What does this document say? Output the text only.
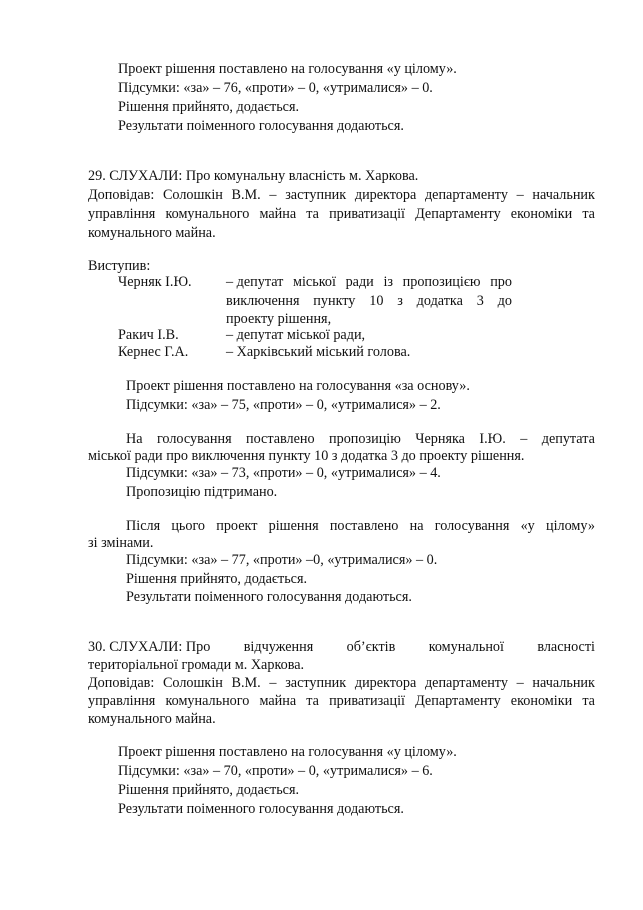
Проект рішення поставлено на голосування «у цілому».
Підсумки: «за» – 76, «проти» – 0, «утрималися» – 0.
Рішення прийнято, додається.
Результати поіменного голосування додаються.
29. СЛУХАЛИ: Про комунальну власність м. Харкова.
Доповідав: Солошкін В.М. – заступник директора департаменту – начальник
управління комунального майна та приватизації Департаменту економіки та
комунального майна.
Виступив:
Черняк І.Ю. – депутат міської ради із пропозицією про
виключення пункту 10 з додатка 3 до
проекту рішення,
Ракич І.В.	– депутат міської ради,
Кернес Г.А.	– Харківський міський голова.
Проект рішення поставлено на голосування «за основу».
Підсумки: «за» – 75, «проти» – 0, «утрималися» – 2.
На голосування поставлено пропозицію Черняка І.Ю. – депутата
міської ради про виключення пункту 10 з додатка 3 до проекту рішення.
Підсумки: «за» – 73, «проти» – 0, «утрималися» – 4.
Пропозицію підтримано.
Після цього проект рішення поставлено на голосування «у цілому»
зі змінами.
Підсумки: «за» – 77, «проти» –0, «утрималися» – 0.
Рішення прийнято, додається.
Результати поіменного голосування додаються.
30. СЛУХАЛИ: Про відчуження об’єктів комунальної власності
територіальної громади м. Харкова.
Доповідав: Солошкін В.М. – заступник директора департаменту – начальник
управління комунального майна та приватизації Департаменту економіки та
комунального майна.
Проект рішення поставлено на голосування «у цілому».
Підсумки: «за» – 70, «проти» – 0, «утрималися» – 6.
Рішення прийнято, додається.
Результати поіменного голосування додаються.
